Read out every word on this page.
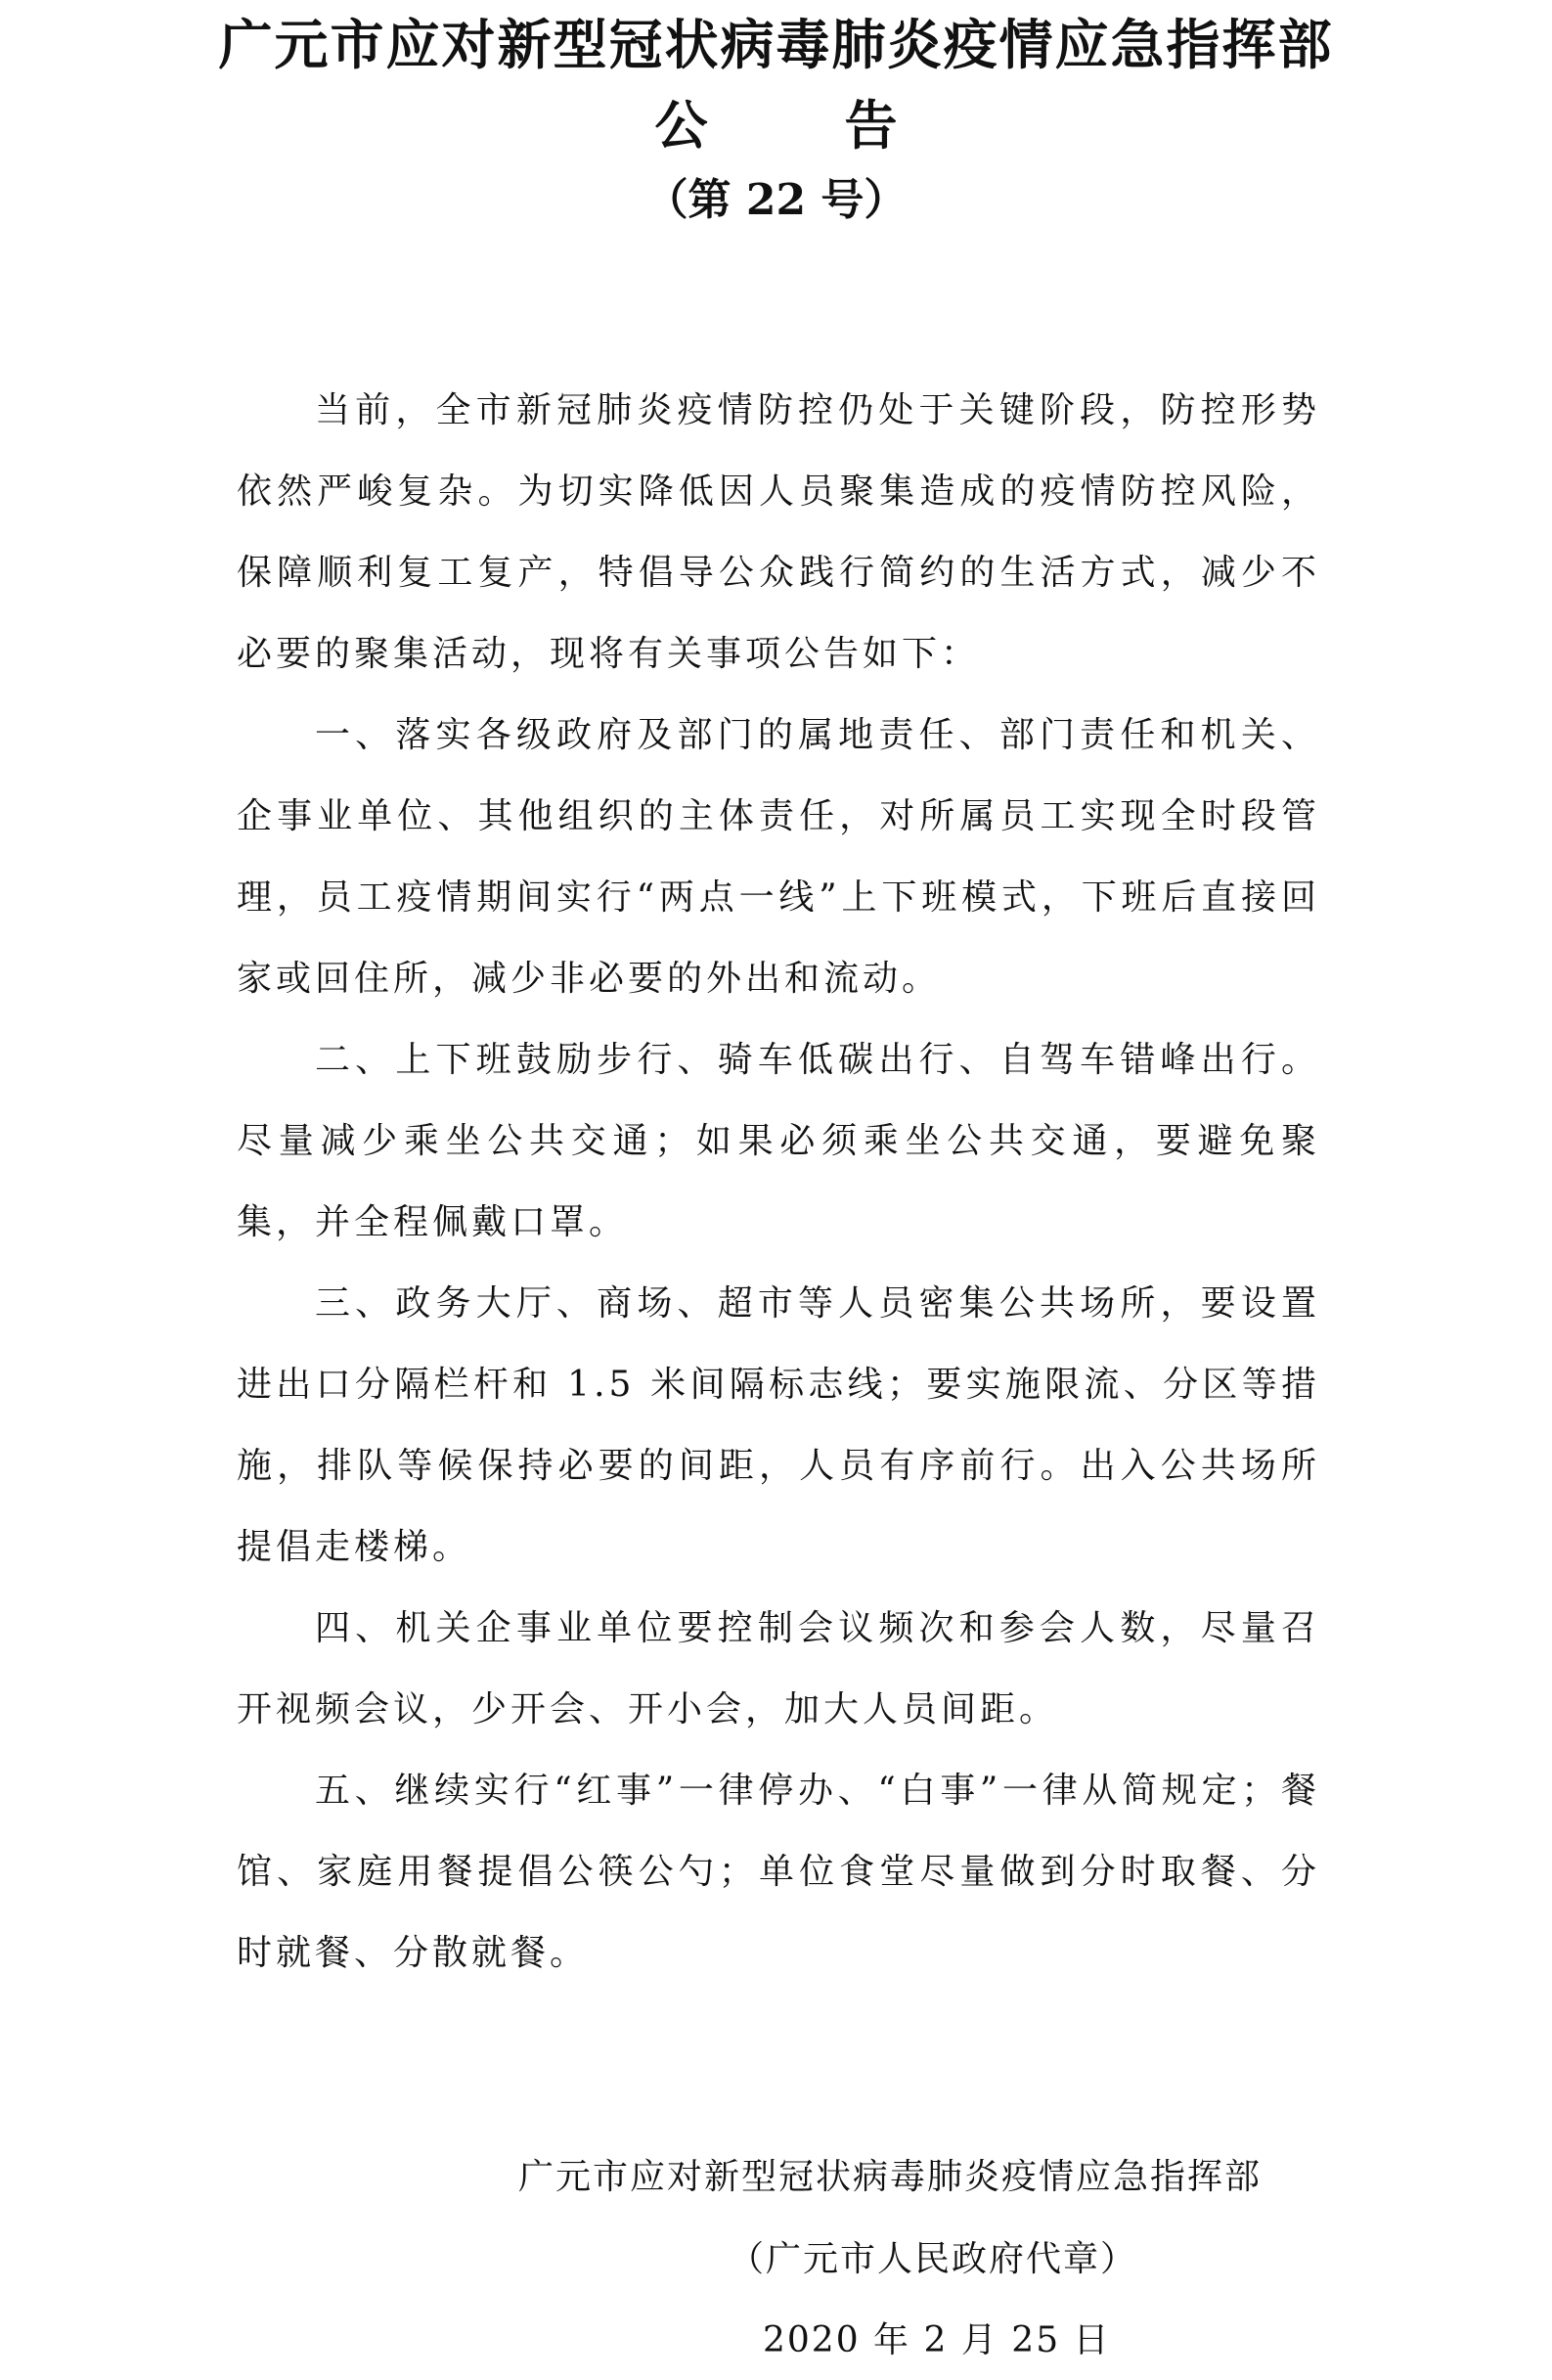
广元市应对新型冠状病毒肺炎疫情应急指挥部
公	告
（第 22 号）

当前，全市新冠肺炎疫情防控仍处于关键阶段，防控形势依然严峻复杂。为切实降低因人员聚集造成的疫情防控风险，保障顺利复工复产，特倡导公众践行简约的生活方式，减少不必要的聚集活动，现将有关事项公告如下：

一、落实各级政府及部门的属地责任、部门责任和机关、企事业单位、其他组织的主体责任，对所属员工实现全时段管理，员工疫情期间实行“两点一线”上下班模式，下班后直接回家或回住所，减少非必要的外出和流动。

二、上下班鼓励步行、骑车低碳出行、自驾车错峰出行。尽量减少乘坐公共交通；如果必须乘坐公共交通，要避免聚集，并全程佩戴口罩。

三、政务大厅、商场、超市等人员密集公共场所，要设置进出口分隔栏杆和 1.5 米间隔标志线；要实施限流、分区等措施，排队等候保持必要的间距，人员有序前行。出入公共场所提倡走楼梯。

四、机关企事业单位要控制会议频次和参会人数，尽量召开视频会议，少开会、开小会，加大人员间距。

五、继续实行“红事”一律停办、“白事”一律从简规定；餐馆、家庭用餐提倡公筷公勺；单位食堂尽量做到分时取餐、分时就餐、分散就餐。

广元市应对新型冠状病毒肺炎疫情应急指挥部
（广元市人民政府代章）
2020 年 2 月 25 日
